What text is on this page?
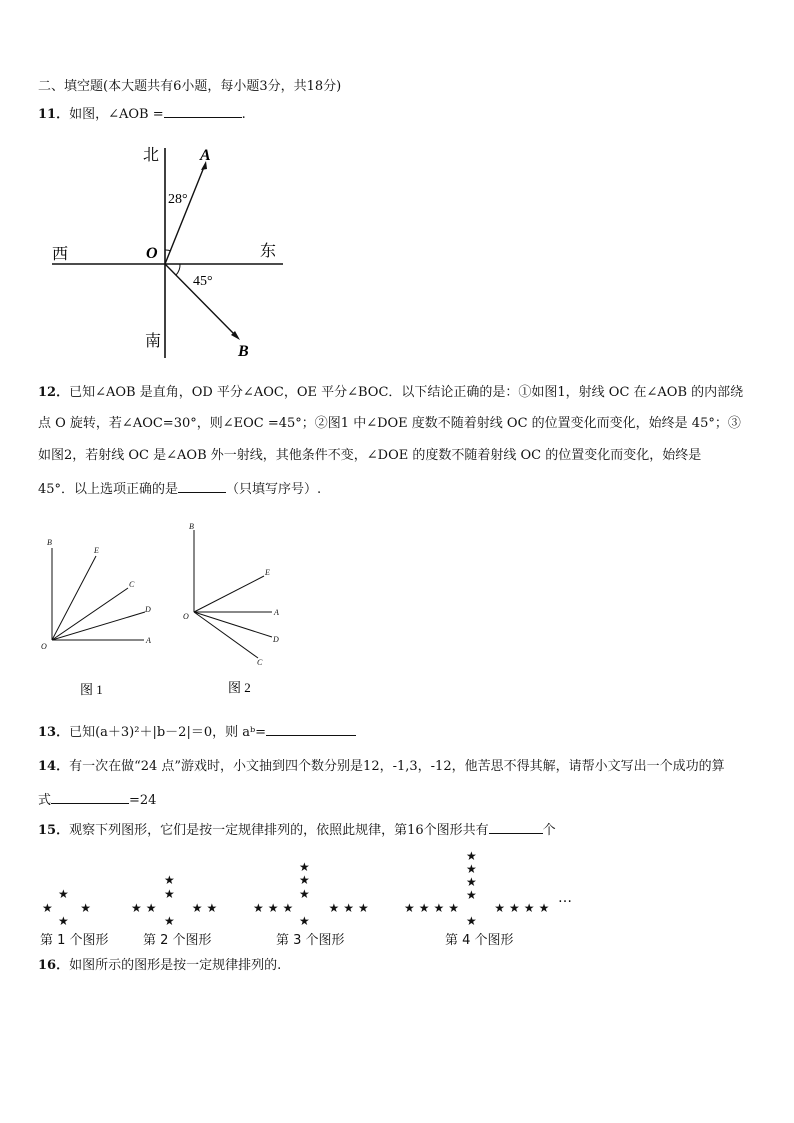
二、填空题(本大题共有6小题，每小题3分，共18分)
11．如图，∠AOB =	.
北
南
西	东
O
A
B
28°
45°
12．已知∠AOB 是直角，OD 平分∠AOC，OE 平分∠BOC．以下结论正确的是：①如图1，射线 OC 在∠AOB 的内部绕
点 O 旋转，若∠AOC=30°，则∠EOC =45°；②图1 中∠DOE 度数不随着射线 OC 的位置变化而变化，始终是 45°；③
如图2，若射线 OC 是∠AOB 外一射线，其他条件不变，∠DOE 的度数不随着射线 OC 的位置变化而变化，始终是
45°．以上选项正确的是	（只填写序号）.
B
E
C
D
A
O
B
E
A
D
C
O
图 1	图 2
13．已知(a＋3)²＋|b－2|＝0，则 aᵇ=
14．有一次在做“24 点”游戏时，小文抽到四个数分别是12，-1,3，-12，他苦思不得其解，请帮小文写出一个成功的算
式	=24
15．观察下列图形，它们是按一定规律排列的，依照此规律，第16个图形共有	个
★
★   ★
★
★
★
★★    ★★
★
★
★
★
★★★    ★★★
★
★
★
★
★
★★★★    ★★★★
★
…
第 1 个图形	第 2 个图形	第 3 个图形	第 4 个图形
16．如图所示的图形是按一定规律排列的.
